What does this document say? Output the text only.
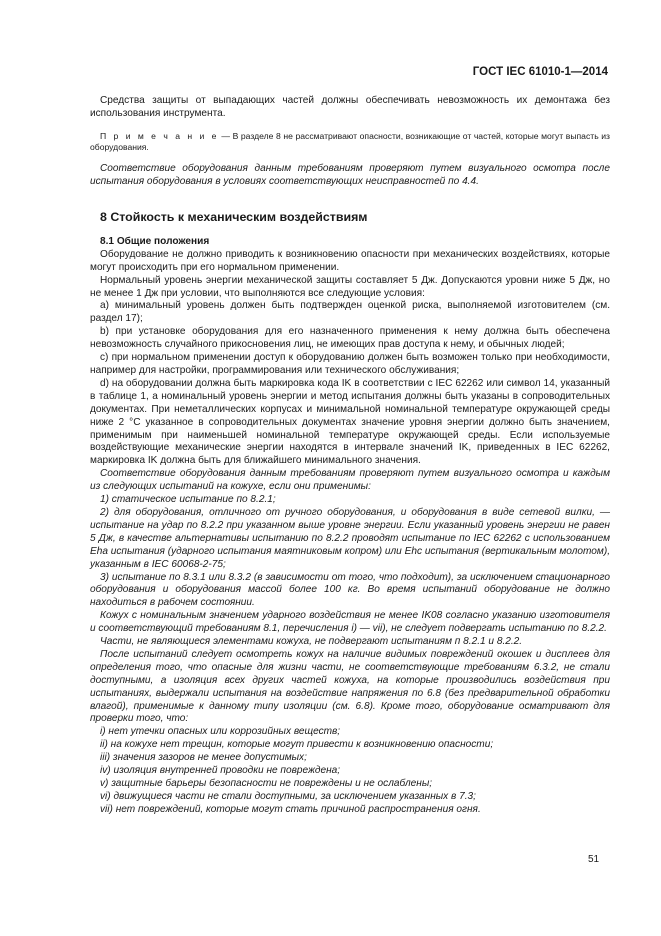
ГОСТ IEC 61010-1—2014

Средства защиты от выпадающих частей должны обеспечивать невозможность их демонтажа без использования инструмента.

П р и м е ч а н и е — В разделе 8 не рассматривают опасности, возникающие от частей, которые могут выпасть из оборудования.

Соответствие оборудования данным требованиям проверяют путем визуального осмотра после испытания оборудования в условиях соответствующих неисправностей по 4.4.

8 Стойкость к механическим воздействиям
8.1 Общие положения

Оборудование не должно приводить к возникновению опасности при механических воздействиях, которые могут происходить при его нормальном применении.

Нормальный уровень энергии механической защиты составляет 5 Дж. Допускаются уровни ниже 5 Дж, но не менее 1 Дж при условии, что выполняются все следующие условия:

а) минимальный уровень должен быть подтвержден оценкой риска, выполняемой изготовителем (см. раздел 17);

b) при установке оборудования для его назначенного применения к нему должна быть обеспечена невозможность случайного прикосновения лиц, не имеющих прав доступа к нему, и обычных людей;

с) при нормальном применении доступ к оборудованию должен быть возможен только при необходимости, например для настройки, программирования или технического обслуживания;

d) на оборудовании должна быть маркировка кода IK в соответствии с IEC 62262 или символ 14, указанный в таблице 1, а номинальный уровень энергии и метод испытания должны быть указаны в сопроводительных документах. При неметаллических корпусах и минимальной номинальной температуре окружающей среды ниже 2 °С указанное в сопроводительных документах значение уровня энергии должно быть значением, применимым при наименьшей номинальной температуре окружающей среды. Если используемые воздействующие механические энергии находятся в интервале значений IK, приведенных в IEC 62262, маркировка IK должна быть для ближайшего минимального значения.

Соответствие оборудования данным требованиям проверяют путем визуального осмотра и каждым из следующих испытаний на кожухе, если они применимы:

1) статическое испытание по 8.2.1;

2) для оборудования, отличного от ручного оборудования, и оборудования в виде сетевой вилки, — испытание на удар по 8.2.2 при указанном выше уровне энергии. Если указанный уровень энергии не равен 5 Дж, в качестве альтернативы испытанию по 8.2.2 проводят испытание по IEC 62262 с использованием Eha испытания (ударного испытания маятниковым копром) или Ehc испытания (вертикальным молотом), указанным в IEC 60068-2-75;

3) испытание по 8.3.1 или 8.3.2 (в зависимости от того, что подходит), за исключением стационарного оборудования и оборудования массой более 100 кг. Во время испытаний оборудование не должно находиться в рабочем состоянии.

Кожух с номинальным значением ударного воздействия не менее IK08 согласно указанию изготовителя и соответствующий требованиям 8.1, перечисления i) — vii), не следует подвергать испытанию по 8.2.2.

Части, не являющиеся элементами кожуха, не подвергают испытаниям п 8.2.1 и 8.2.2.

После испытаний следует осмотреть кожух на наличие видимых повреждений окошек и дисплеев для определения того, что опасные для жизни части, не соответствующие требованиям 6.3.2, не стали доступными, а изоляция всех других частей кожуха, на которые производились воздействия при испытаниях, выдержали испытания на воздействие напряжения по 6.8 (без предварительной обработки влагой), применимые к данному типу изоляции (см. 6.8). Кроме того, оборудование осматривают для проверки того, что:

i) нет утечки опасных или коррозийных веществ;

ii) на кожухе нет трещин, которые могут привести к возникновению опасности;

iii) значения зазоров не менее допустимых;

iv) изоляция внутренней проводки не повреждена;

v) защитные барьеры безопасности не повреждены и не ослаблены;

vi) движущиеся части не стали доступными, за исключением указанных в 7.3;

vii) нет повреждений, которые могут стать причиной распространения огня.

51
